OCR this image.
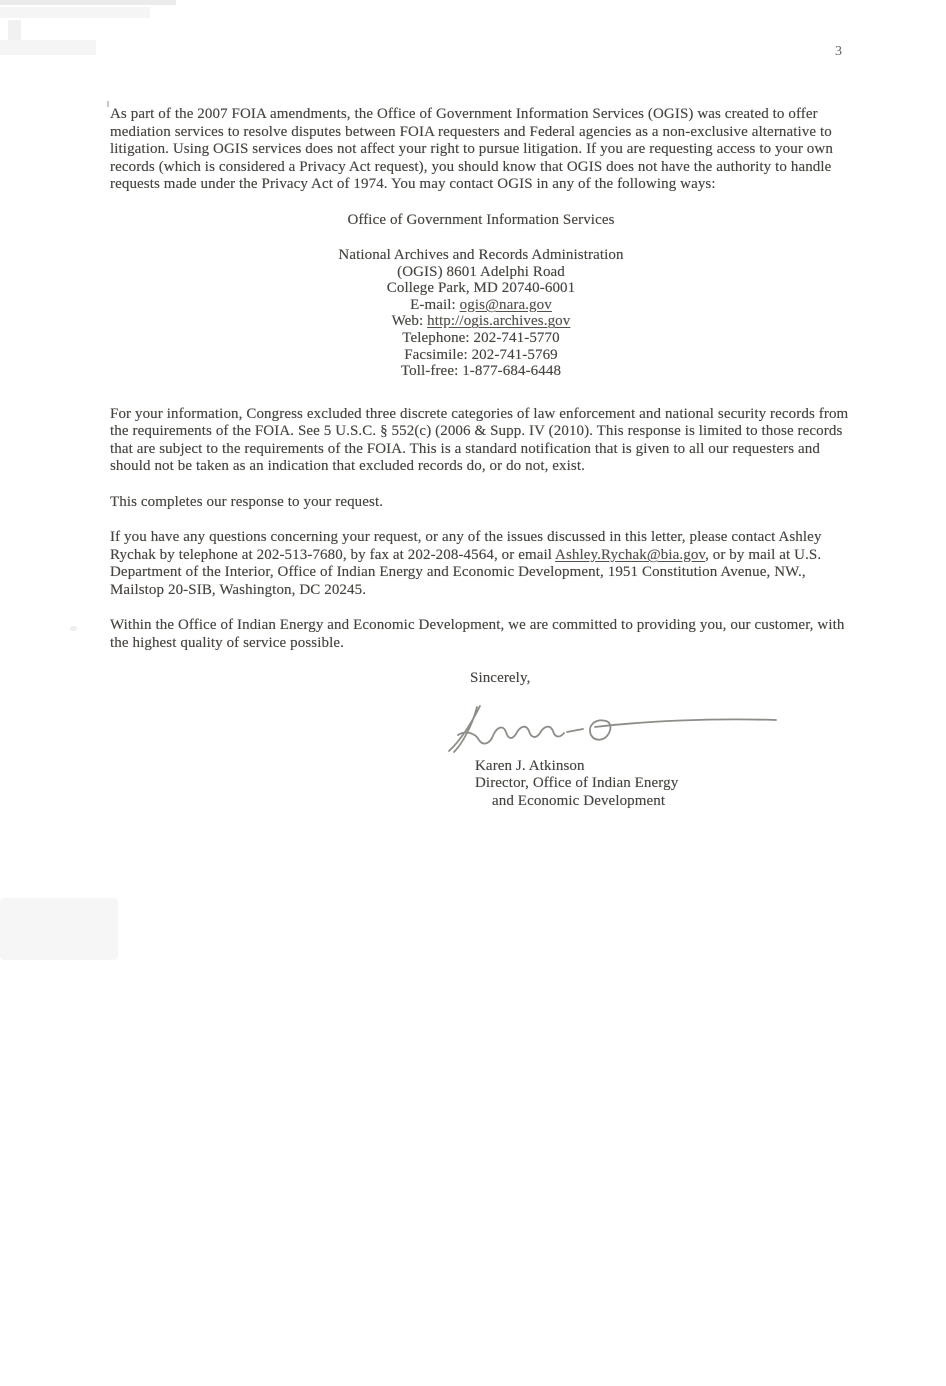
3

As part of the 2007 FOIA amendments, the Office of Government Information Services (OGIS) was created to offer mediation services to resolve disputes between FOIA requesters and Federal agencies as a non-exclusive alternative to litigation. Using OGIS services does not affect your right to pursue litigation. If you are requesting access to your own records (which is considered a Privacy Act request), you should know that OGIS does not have the authority to handle requests made under the Privacy Act of 1974. You may contact OGIS in any of the following ways:

Office of Government Information Services

National Archives and Records Administration
(OGIS) 8601 Adelphi Road
College Park, MD 20740-6001
E-mail: ogis@nara.gov
Web: http://ogis.archives.gov
Telephone: 202-741-5770
Facsimile: 202-741-5769
Toll-free: 1-877-684-6448

For your information, Congress excluded three discrete categories of law enforcement and national security records from the requirements of the FOIA. See 5 U.S.C. § 552(c) (2006 & Supp. IV (2010). This response is limited to those records that are subject to the requirements of the FOIA. This is a standard notification that is given to all our requesters and should not be taken as an indication that excluded records do, or do not, exist.

This completes our response to your request.

If you have any questions concerning your request, or any of the issues discussed in this letter, please contact Ashley Rychak by telephone at 202-513-7680, by fax at 202-208-4564, or email Ashley.Rychak@bia.gov, or by mail at U.S. Department of the Interior, Office of Indian Energy and Economic Development, 1951 Constitution Avenue, NW., Mailstop 20-SIB, Washington, DC 20245.

Within the Office of Indian Energy and Economic Development, we are committed to providing you, our customer, with the highest quality of service possible.

Sincerely,

Karen J. Atkinson
Director, Office of Indian Energy
and Economic Development
